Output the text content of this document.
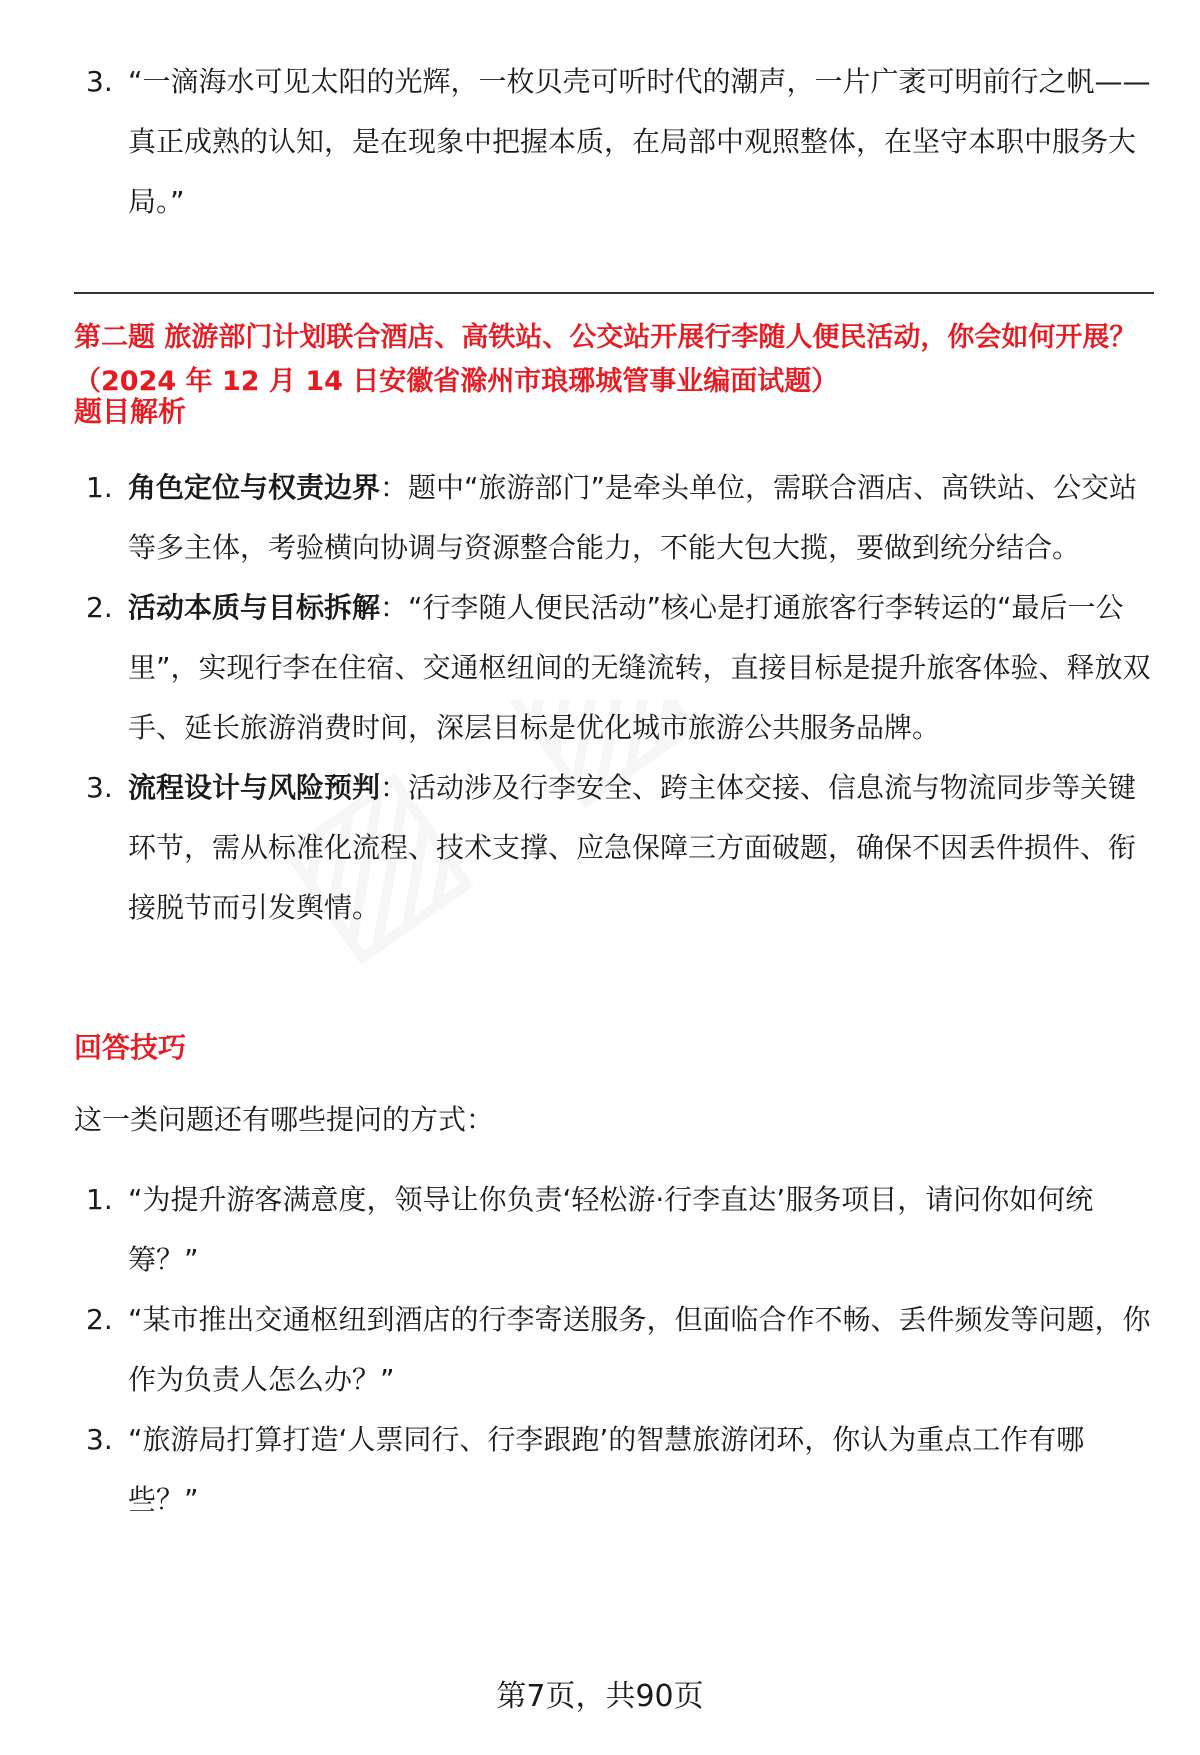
3. “一滴海水可见太阳的光辉，一枚贝壳可听时代的潮声，一片广袤可明前行之帆——真正成熟的认知，是在现象中把握本质，在局部中观照整体，在坚守本职中服务大局。”
第二题 旅游部门计划联合酒店、高铁站、公交站开展行李随人便民活动，你会如何开展？（2024 年 12 月 14 日安徽省滁州市琅琊城管事业编面试题）
题目解析
1. 角色定位与权责边界：题中“旅游部门”是牵头单位，需联合酒店、高铁站、公交站等多主体，考验横向协调与资源整合能力，不能大包大揽，要做到统分结合。
2. 活动本质与目标拆解：“行李随人便民活动”核心是打通旅客行李转运的“最后一公里”，实现行李在住宿、交通枢纽间的无缝流转，直接目标是提升旅客体验、释放双手、延长旅游消费时间，深层目标是优化城市旅游公共服务品牌。
3. 流程设计与风险预判：活动涉及行李安全、跨主体交接、信息流与物流同步等关键环节，需从标准化流程、技术支撑、应急保障三方面破题，确保不因丢件损件、衔接脱节而引发舆情。
回答技巧
这一类问题还有哪些提问的方式：
1. “为提升游客满意度，领导让你负责‘轻松游·行李直达’服务项目，请问你如何统筹？”
2. “某市推出交通枢纽到酒店的行李寄送服务，但面临合作不畅、丢件频发等问题，你作为负责人怎么办？”
3. “旅游局打算打造‘人票同行、行李跟跑’的智慧旅游闭环，你认为重点工作有哪些？”
第7页，共90页
